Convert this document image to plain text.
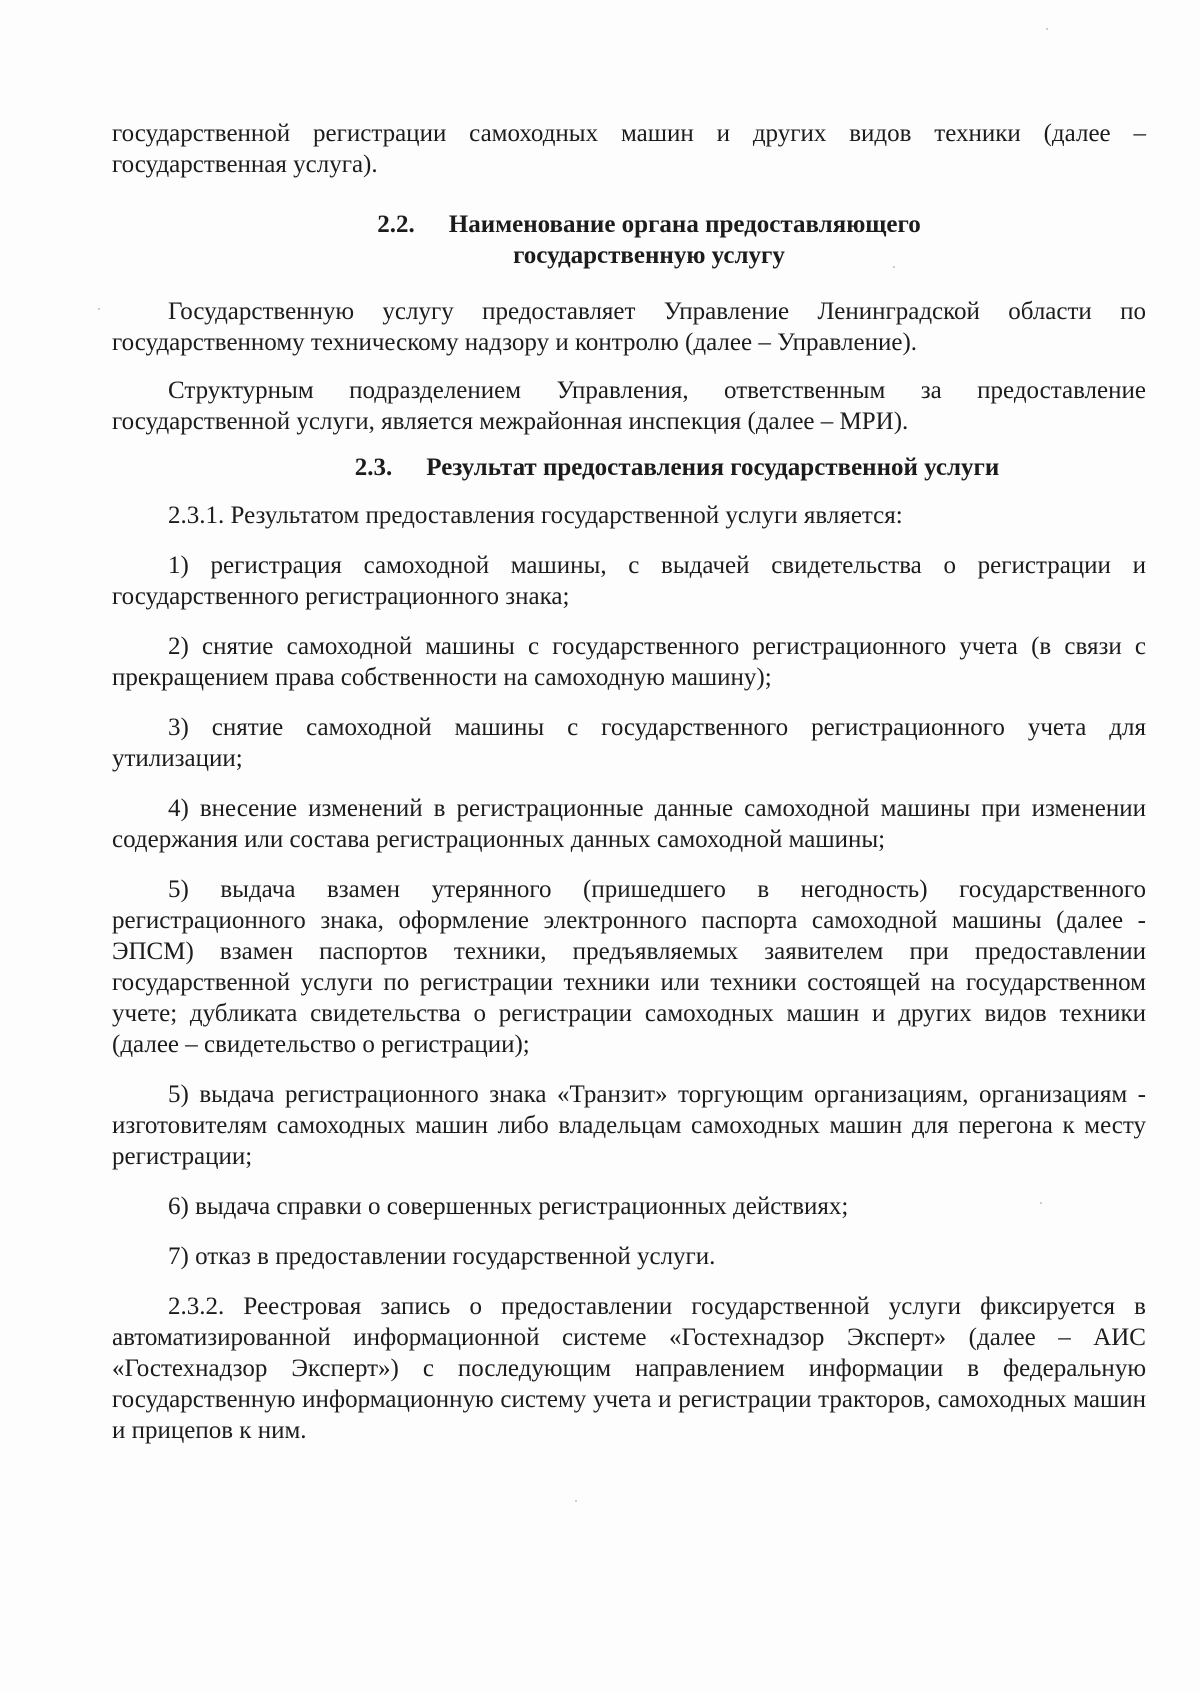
государственной регистрации самоходных машин и других видов техники (далее – государственная услуга).

2.2. Наименование органа предоставляющего
государственную услугу

Государственную услугу предоставляет Управление Ленинградской области по государственному техническому надзору и контролю (далее – Управление).

Структурным подразделением Управления, ответственным за предоставление государственной услуги, является межрайонная инспекция (далее – МРИ).

2.3. Результат предоставления государственной услуги

2.3.1. Результатом предоставления государственной услуги является:

1) регистрация самоходной машины, с выдачей свидетельства о регистрации и государственного регистрационного знака;

2) снятие самоходной машины с государственного регистрационного учета (в связи с прекращением права собственности на самоходную машину);

3) снятие самоходной машины с государственного регистрационного учета для утилизации;

4) внесение изменений в регистрационные данные самоходной машины при изменении содержания или состава регистрационных данных самоходной машины;

5) выдача взамен утерянного (пришедшего в негодность) государственного регистрационного знака, оформление электронного паспорта самоходной машины (далее - ЭПСМ) взамен паспортов техники, предъявляемых заявителем при предоставлении государственной услуги по регистрации техники или техники состоящей на государственном учете; дубликата свидетельства о регистрации самоходных машин и других видов техники (далее – свидетельство о регистрации);

5) выдача регистрационного знака «Транзит» торгующим организациям, организациям - изготовителям самоходных машин либо владельцам самоходных машин для перегона к месту регистрации;

6) выдача справки о совершенных регистрационных действиях;

7) отказ в предоставлении государственной услуги.

2.3.2. Реестровая запись о предоставлении государственной услуги фиксируется в автоматизированной информационной системе «Гостехнадзор Эксперт» (далее – АИС «Гостехнадзор Эксперт») с последующим направлением информации в федеральную государственную информационную систему учета и регистрации тракторов, самоходных машин и прицепов к ним.
